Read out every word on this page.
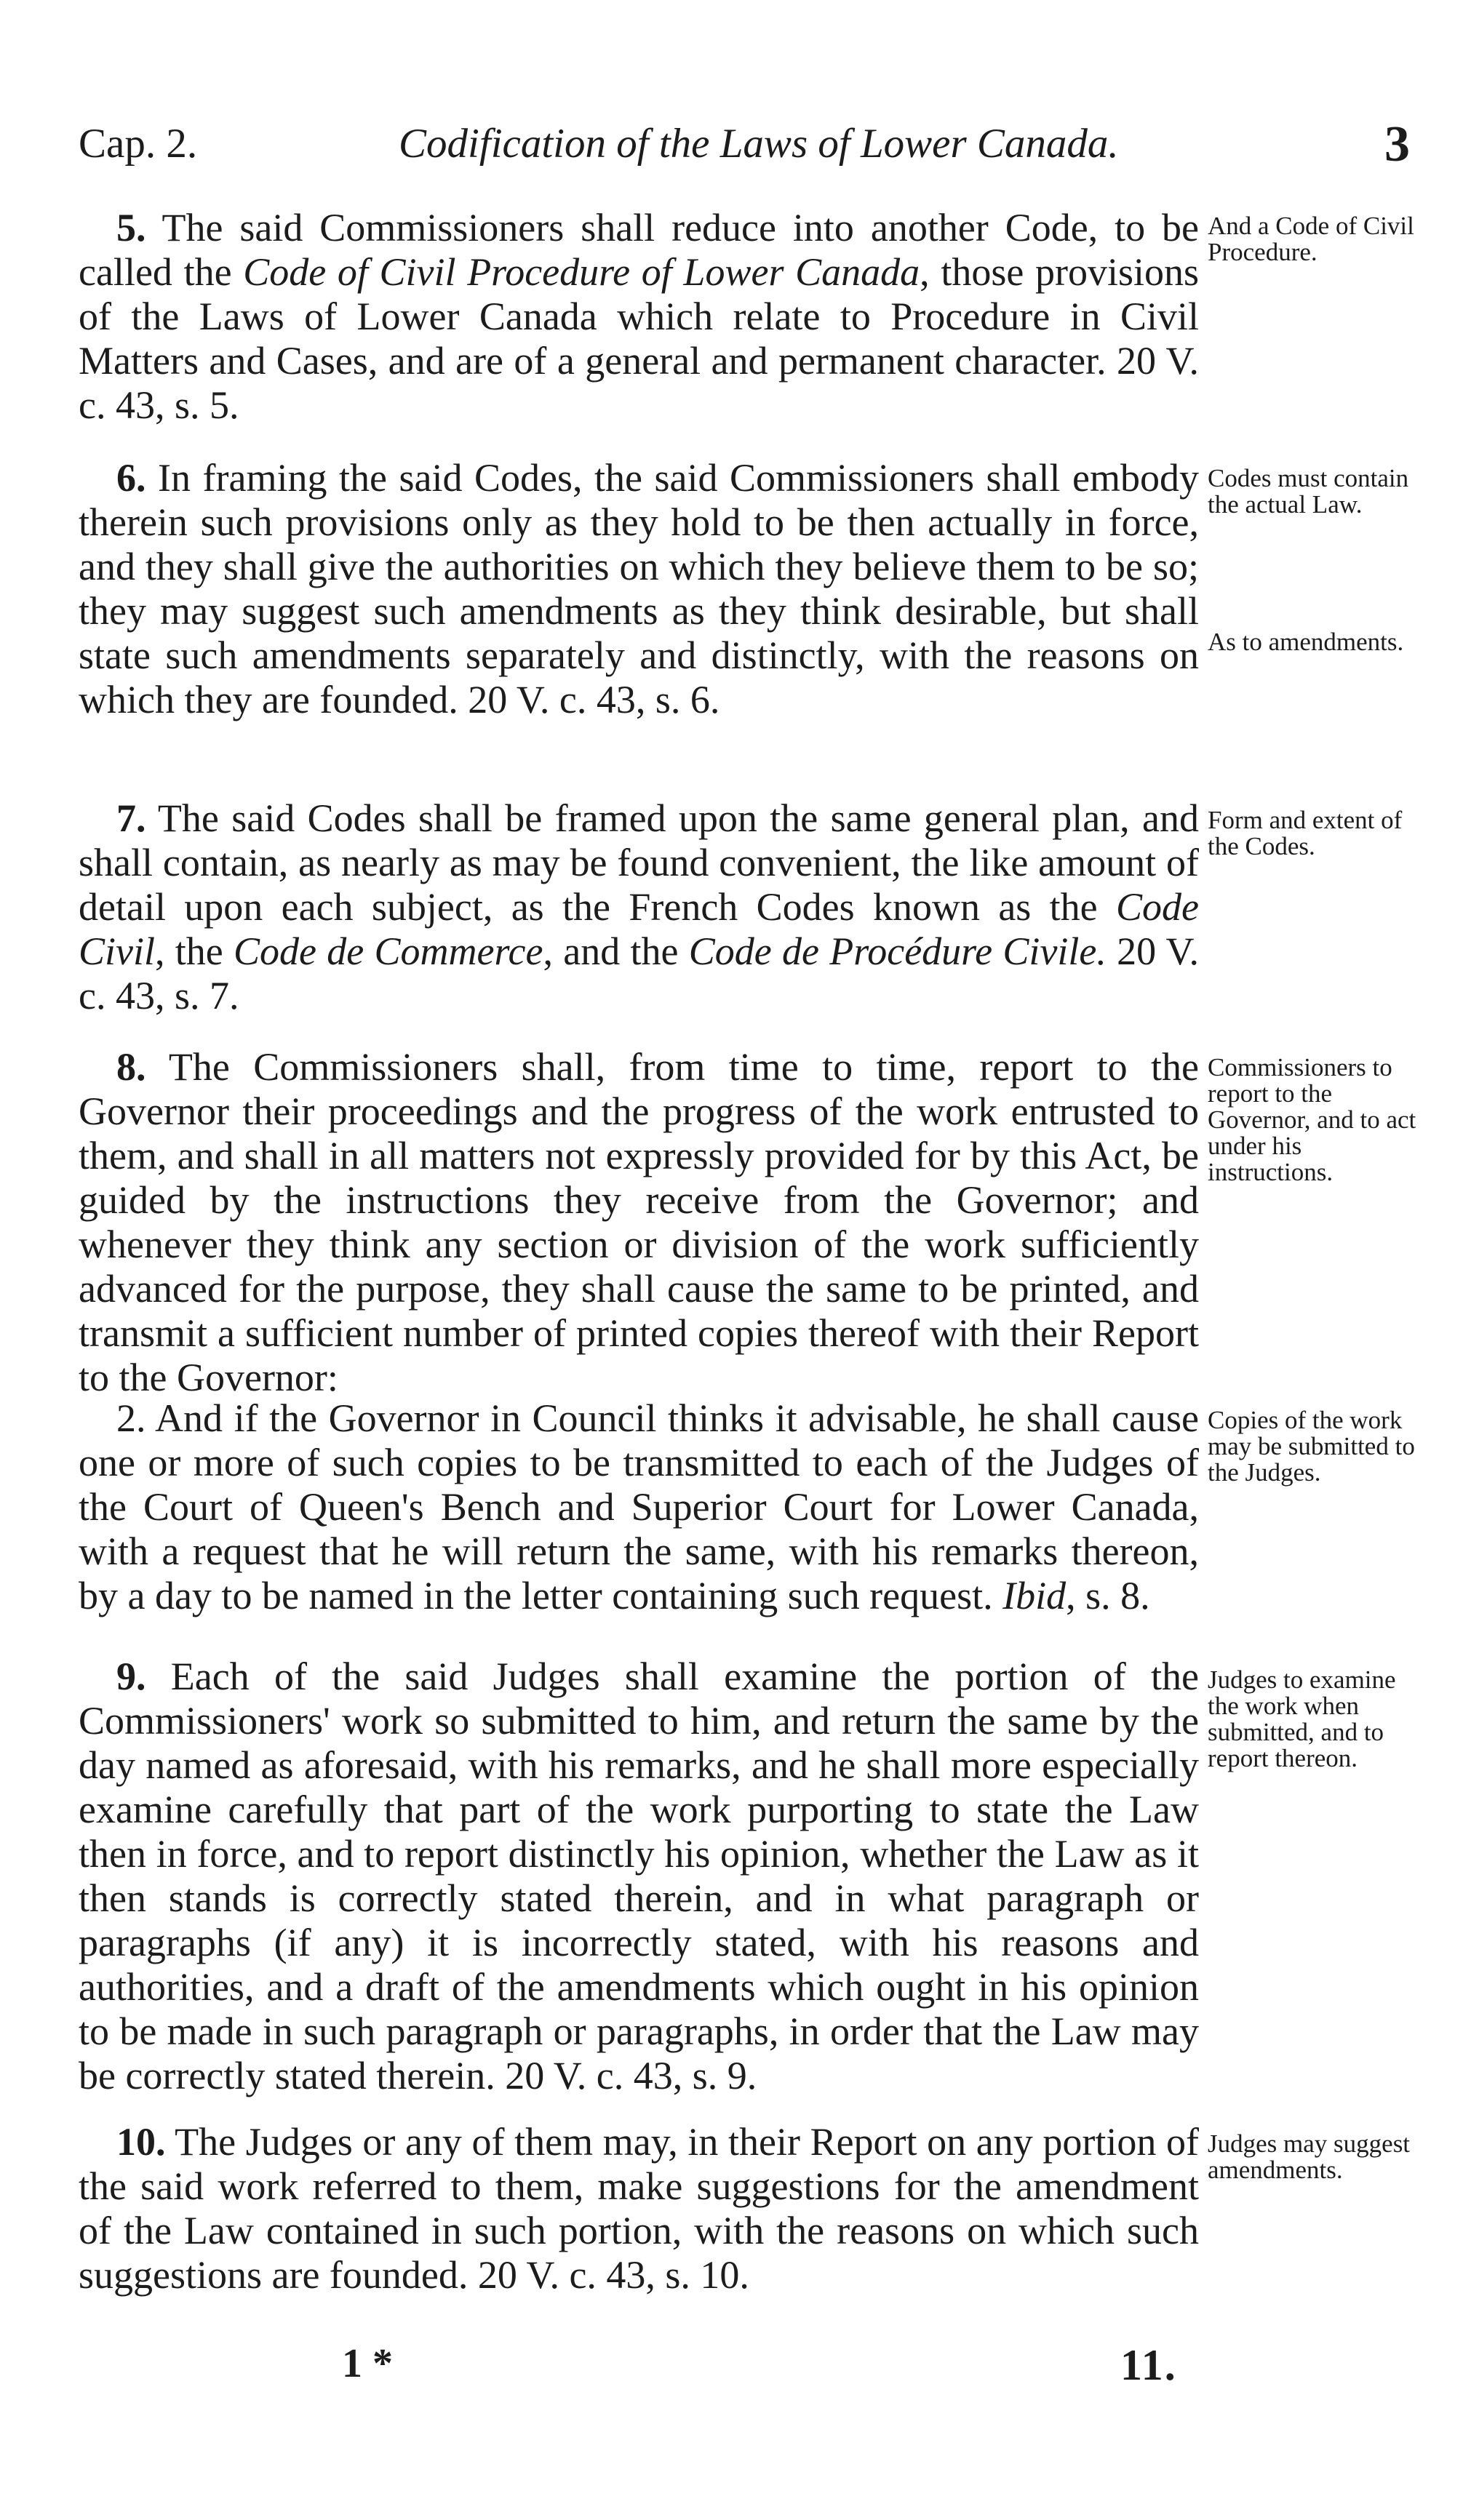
Cap. 2.	Codification of the Laws of Lower Canada.	3

5. The said Commissioners shall reduce into another Code, to be called the Code of Civil Procedure of Lower Canada, those provisions of the Laws of Lower Canada which relate to Procedure in Civil Matters and Cases, and are of a general and permanent character. 20 V. c. 43, s. 5.

And a Code of Civil Procedure.

6. In framing the said Codes, the said Commissioners shall embody therein such provisions only as they hold to be then actually in force, and they shall give the authorities on which they believe them to be so; they may suggest such amendments as they think desirable, but shall state such amendments separately and distinctly, with the reasons on which they are founded. 20 V. c. 43, s. 6.

Codes must contain the actual Law.
As to amendments.

7. The said Codes shall be framed upon the same general plan, and shall contain, as nearly as may be found convenient, the like amount of detail upon each subject, as the French Codes known as the Code Civil, the Code de Commerce, and the Code de Procédure Civile. 20 V. c. 43, s. 7.

Form and extent of the Codes.

8. The Commissioners shall, from time to time, report to the Governor their proceedings and the progress of the work entrusted to them, and shall in all matters not expressly provided for by this Act, be guided by the instructions they receive from the Governor; and whenever they think any section or division of the work sufficiently advanced for the purpose, they shall cause the same to be printed, and transmit a sufficient number of printed copies thereof with their Report to the Governor:

Commissioners to report to the Governor, and to act under his instructions.

2. And if the Governor in Council thinks it advisable, he shall cause one or more of such copies to be transmitted to each of the Judges of the Court of Queen's Bench and Superior Court for Lower Canada, with a request that he will return the same, with his remarks thereon, by a day to be named in the letter containing such request. Ibid, s. 8.

Copies of the work may be submitted to the Judges.

9. Each of the said Judges shall examine the portion of the Commissioners' work so submitted to him, and return the same by the day named as aforesaid, with his remarks, and he shall more especially examine carefully that part of the work purporting to state the Law then in force, and to report distinctly his opinion, whether the Law as it then stands is correctly stated therein, and in what paragraph or paragraphs (if any) it is incorrectly stated, with his reasons and authorities, and a draft of the amendments which ought in his opinion to be made in such paragraph or paragraphs, in order that the Law may be correctly stated therein. 20 V. c. 43, s. 9.

Judges to examine the work when submitted, and to report thereon.

10. The Judges or any of them may, in their Report on any portion of the said work referred to them, make suggestions for the amendment of the Law contained in such portion, with the reasons on which such suggestions are founded. 20 V. c. 43, s. 10.

Judges may suggest amendments.
1 *	11.
